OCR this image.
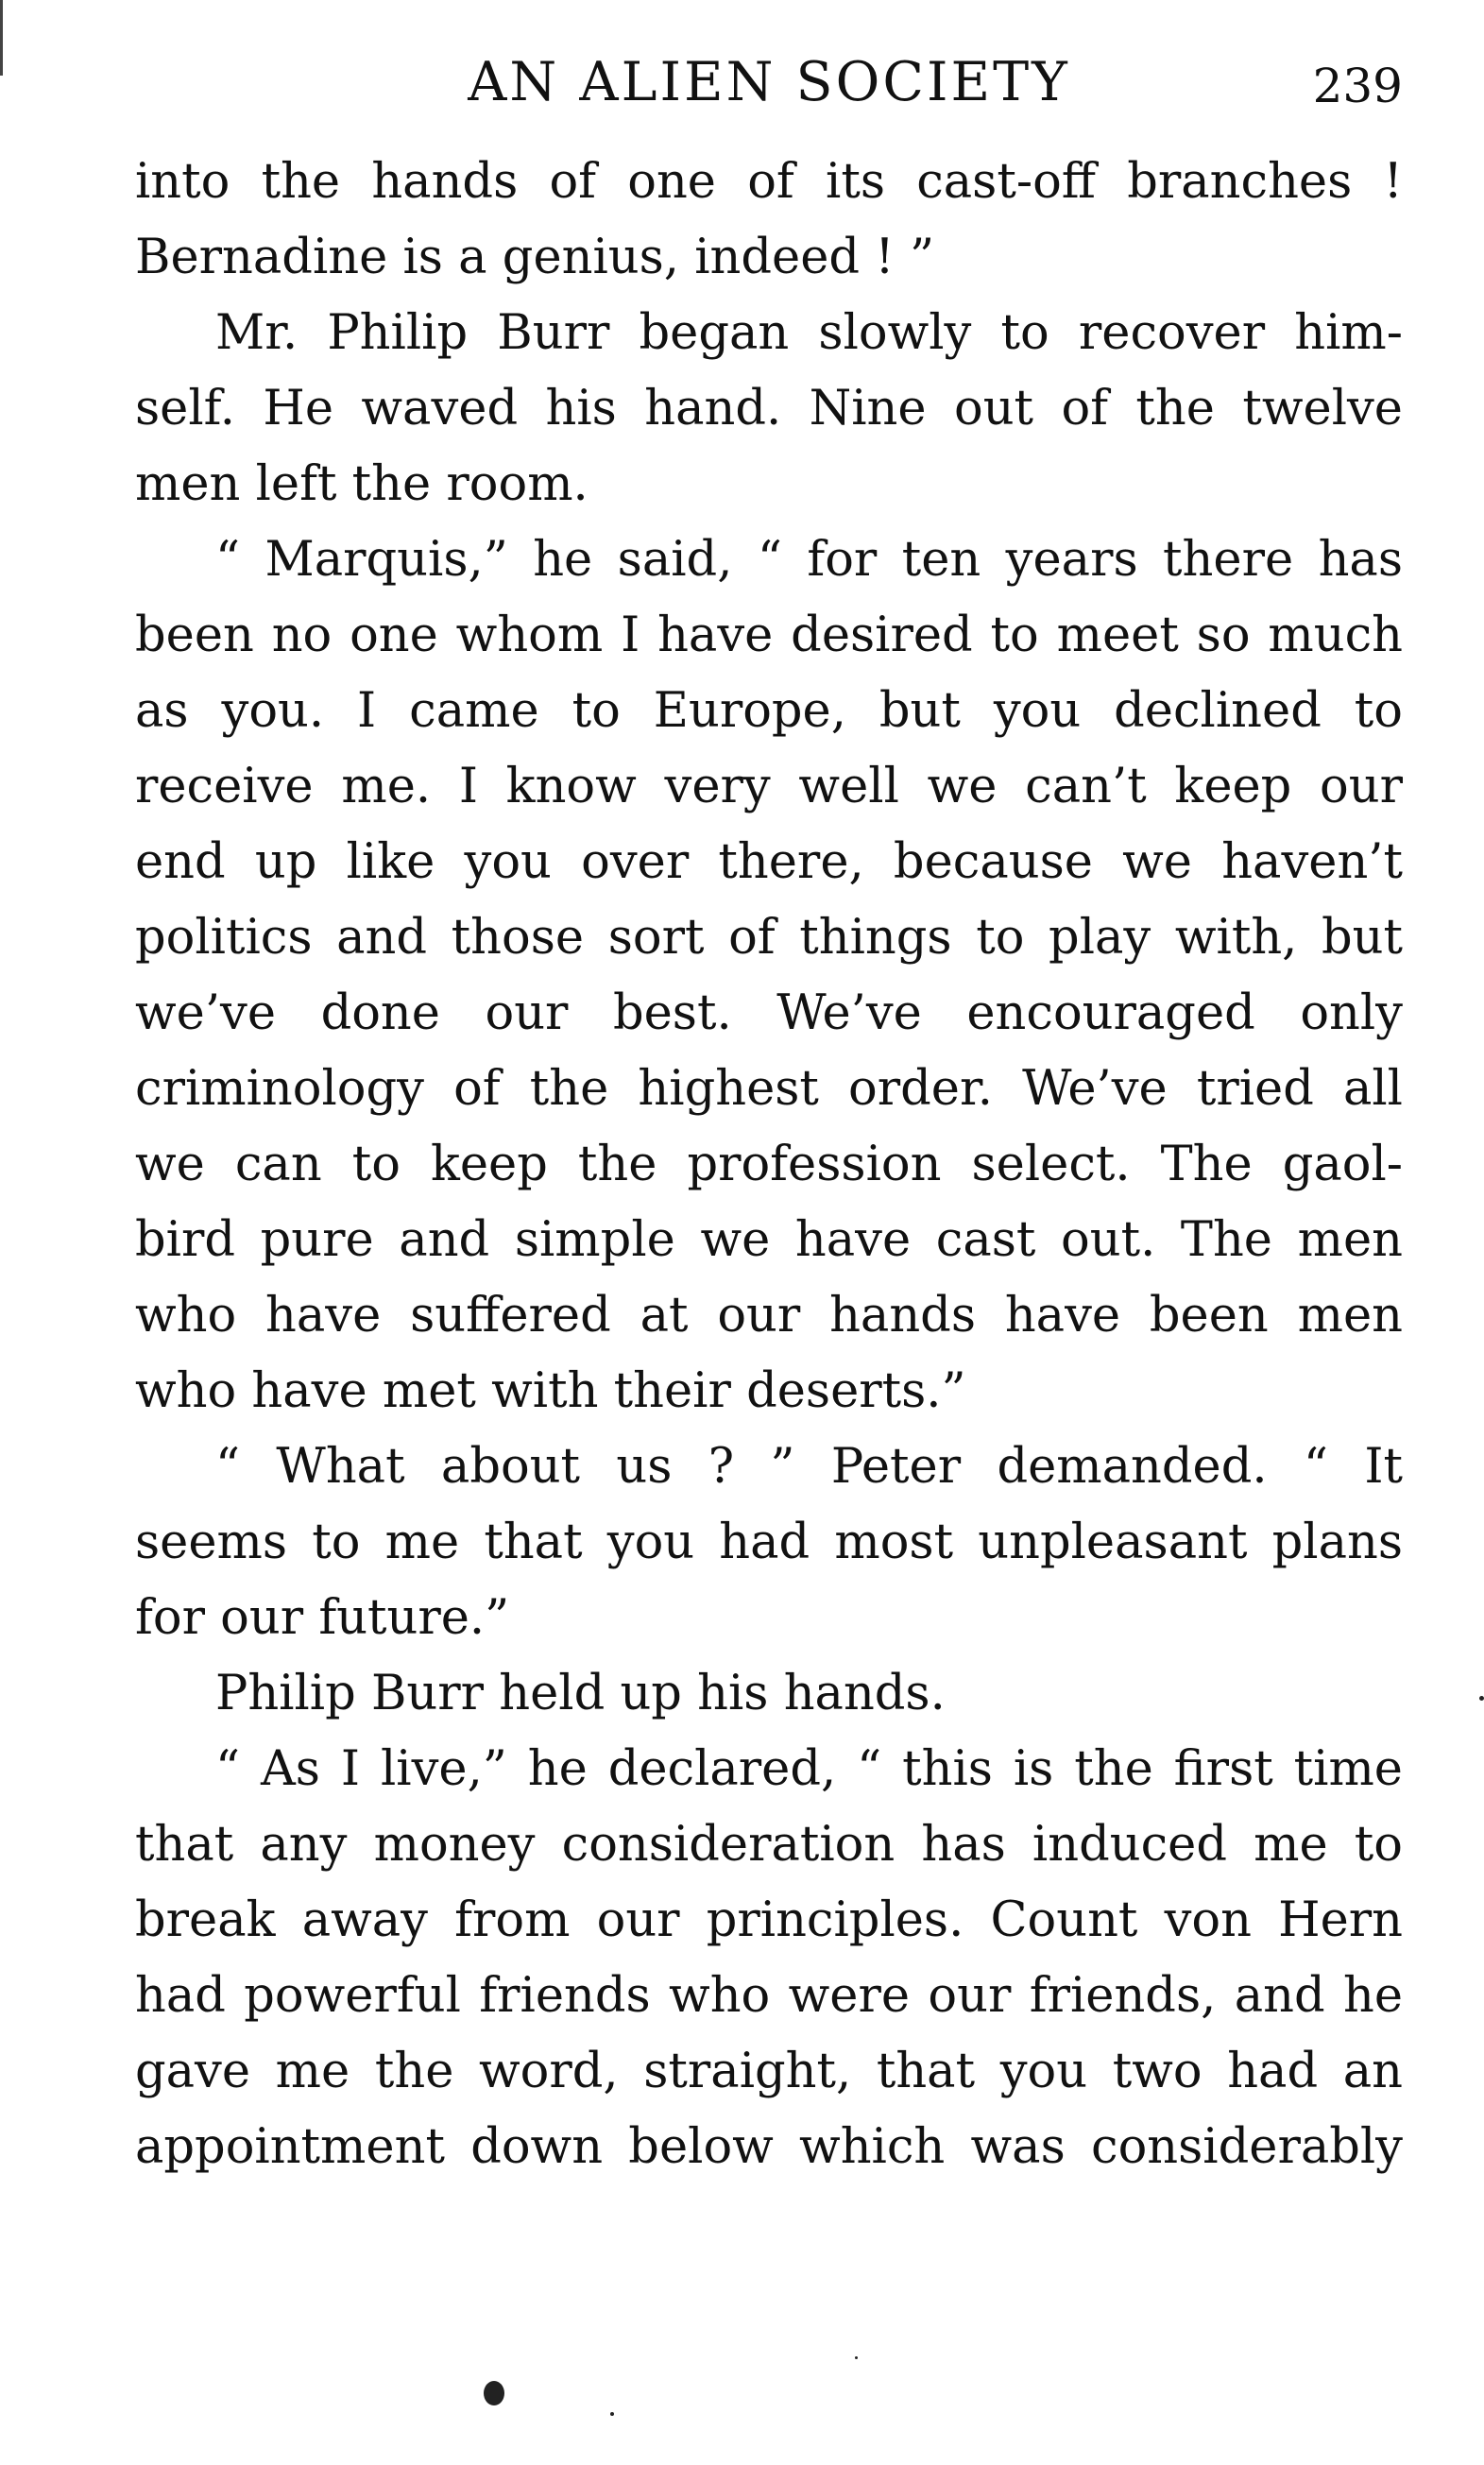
AN ALIEN SOCIETY	239
into the hands of one of its cast-off branches !
Bernadine is a genius, indeed ! ”
Mr. Philip Burr began slowly to recover him-
self. He waved his hand. Nine out of the twelve
men left the room.
“ Marquis,” he said, “ for ten years there has
been no one whom I have desired to meet so much
as you. I came to Europe, but you declined to
receive me. I know very well we can’t keep our
end up like you over there, because we haven’t
politics and those sort of things to play with, but
we’ve done our best. We’ve encouraged only
criminology of the highest order. We’ve tried all
we can to keep the profession select. The gaol-
bird pure and simple we have cast out. The men
who have suffered at our hands have been men
who have met with their deserts.”
“ What about us ? ” Peter demanded. “ It
seems to me that you had most unpleasant plans
for our future.”
Philip Burr held up his hands.
“ As I live,” he declared, “ this is the first time
that any money consideration has induced me to
break away from our principles. Count von Hern
had powerful friends who were our friends, and he
gave me the word, straight, that you two had an
appointment down below which was considerably
